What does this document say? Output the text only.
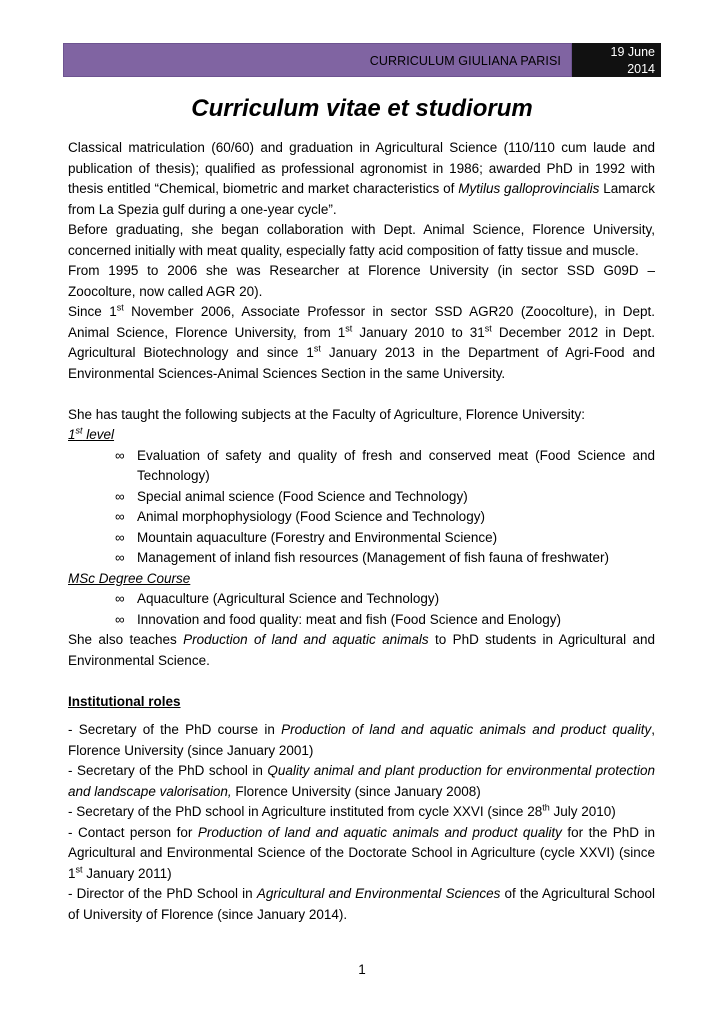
CURRICULUM GIULIANA PARISI
19 June
2014
Curriculum vitae et studiorum

Classical matriculation (60/60) and graduation in Agricultural Science (110/110 cum laude and publication of thesis); qualified as professional agronomist in 1986; awarded PhD in 1992 with thesis entitled “Chemical, biometric and market characteristics of Mytilus galloprovincialis Lamarck from La Spezia gulf during a one-year cycle”.

Before graduating, she began collaboration with Dept. Animal Science, Florence University, concerned initially with meat quality, especially fatty acid composition of fatty tissue and muscle.

From 1995 to 2006 she was Researcher at Florence University (in sector SSD G09D – Zoocolture, now called AGR 20).

Since 1st November 2006, Associate Professor in sector SSD AGR20 (Zoocolture), in Dept. Animal Science, Florence University, from 1st January 2010 to 31st December 2012 in Dept. Agricultural Biotechnology and since 1st January 2013 in the Department of Agri-Food and Environmental Sciences-Animal Sciences Section in the same University.

She has taught the following subjects at the Faculty of Agriculture, Florence University:

1st level

∞ Evaluation of safety and quality of fresh and conserved meat (Food Science and Technology)
∞ Special animal science (Food Science and Technology)
∞ Animal morphophysiology (Food Science and Technology)
∞ Mountain aquaculture (Forestry and Environmental Science)
∞ Management of inland fish resources (Management of fish fauna of freshwater)

MSc Degree Course

∞ Aquaculture (Agricultural Science and Technology)
∞ Innovation and food quality: meat and fish (Food Science and Enology)

She also teaches Production of land and aquatic animals to PhD students in Agricultural and Environmental Science.

Institutional roles

- Secretary of the PhD course in Production of land and aquatic animals and product quality, Florence University (since January 2001)

- Secretary of the PhD school in Quality animal and plant production for environmental protection and landscape valorisation, Florence University (since January 2008)

- Secretary of the PhD school in Agriculture instituted from cycle XXVI (since 28th July 2010)

- Contact person for Production of land and aquatic animals and product quality for the PhD in Agricultural and Environmental Science of the Doctorate School in Agriculture (cycle XXVI) (since 1st January 2011)

- Director of the PhD School in Agricultural and Environmental Sciences of the Agricultural School of University of Florence (since January 2014).

1
